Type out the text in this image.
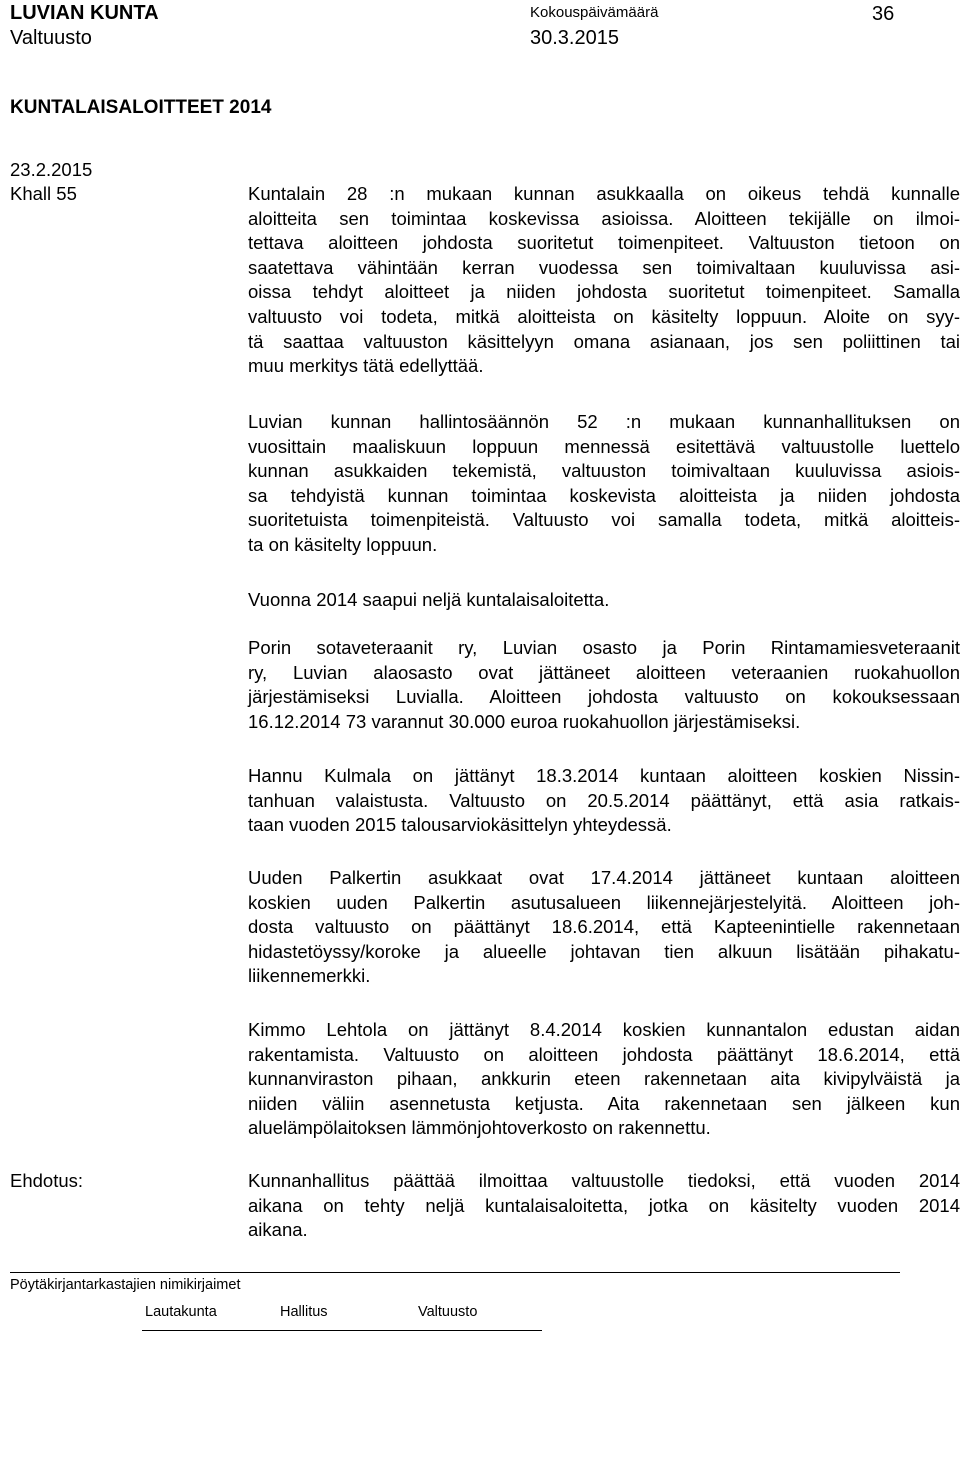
LUVIAN KUNTA	Kokouspäivämäärä	36
Valtuusto	30.3.2015
KUNTALAISALOITTEET 2014
23.2.2015
Khall 55
Ehdotus:
Kuntalain 28 :n mukaan kunnan asukkaalla on oikeus tehdä kunnalle
aloitteita sen toimintaa koskevissa asioissa. Aloitteen tekijälle on ilmoi-
tettava aloitteen johdosta suoritetut toimenpiteet. Valtuuston tietoon on
saatettava vähintään kerran vuodessa sen toimivaltaan kuuluvissa asi-
oissa tehdyt aloitteet ja niiden johdosta suoritetut toimenpiteet. Samalla
valtuusto voi todeta, mitkä aloitteista on käsitelty loppuun. Aloite on syy-
tä saattaa valtuuston käsittelyyn omana asianaan, jos sen poliittinen tai
muu merkitys tätä edellyttää.
Luvian kunnan hallintosäännön 52 :n mukaan kunnanhallituksen on
vuosittain maaliskuun loppuun mennessä esitettävä valtuustolle luettelo
kunnan asukkaiden tekemistä, valtuuston toimivaltaan kuuluvissa asiois-
sa tehdyistä kunnan toimintaa koskevista aloitteista ja niiden johdosta
suoritetuista toimenpiteistä. Valtuusto voi samalla todeta, mitkä aloitteis-
ta on käsitelty loppuun.
Vuonna 2014 saapui neljä kuntalaisaloitetta.
Porin sotaveteraanit ry, Luvian osasto ja Porin Rintamamiesveteraanit
ry, Luvian alaosasto ovat jättäneet aloitteen veteraanien ruokahuollon
järjestämiseksi Luvialla. Aloitteen johdosta valtuusto on kokouksessaan
16.12.2014 73 varannut 30.000 euroa ruokahuollon järjestämiseksi.
Hannu Kulmala on jättänyt 18.3.2014 kuntaan aloitteen koskien Nissin-
tanhuan valaistusta. Valtuusto on 20.5.2014 päättänyt, että asia ratkais-
taan vuoden 2015 talousarviokäsittelyn yhteydessä.
Uuden Palkertin asukkaat ovat 17.4.2014 jättäneet kuntaan aloitteen
koskien uuden Palkertin asutusalueen liikennejärjestelyitä. Aloitteen joh-
dosta valtuusto on päättänyt 18.6.2014, että Kapteenintielle rakennetaan
hidastetöyssy/koroke ja alueelle johtavan tien alkuun lisätään pihakatu-
liikennemerkki.
Kimmo Lehtola on jättänyt 8.4.2014 koskien kunnantalon edustan aidan
rakentamista. Valtuusto on aloitteen johdosta päättänyt 18.6.2014, että
kunnanviraston pihaan, ankkurin eteen rakennetaan aita kivipylväistä ja
niiden väliin asennetusta ketjusta. Aita rakennetaan sen jälkeen kun
aluelämpölaitoksen lämmönjohtoverkosto on rakennettu.
Kunnanhallitus päättää ilmoittaa valtuustolle tiedoksi, että vuoden 2014
aikana on tehty neljä kuntalaisaloitetta, jotka on käsitelty vuoden 2014
aikana.
Pöytäkirjantarkastajien nimikirjaimet
Lautakunta	Hallitus	Valtuusto
